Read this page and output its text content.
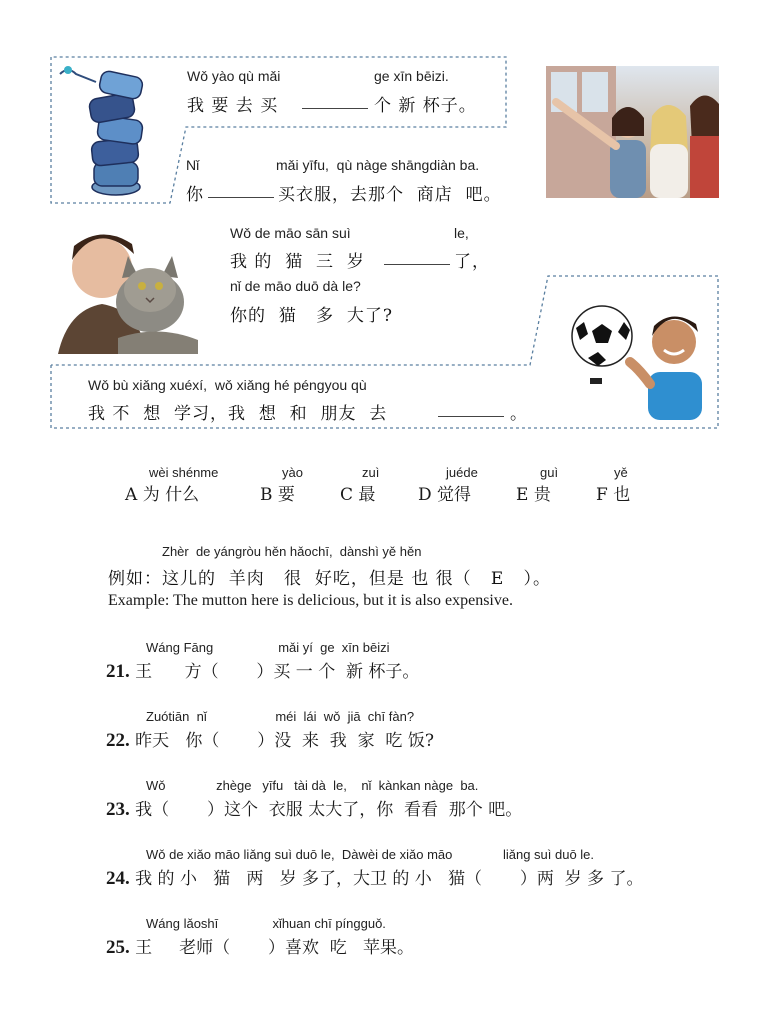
Wǒ yào qù mǎi	ge xīn bēizi.
我 要 去 买	个 新 杯子。
Nǐ	mǎi yīfu,  qù nàge shāngdiàn ba.
你	买衣服，去那个  商店  吧。
Wǒ de māo sān suì	le,
我 的  猫  三  岁	了，
nǐ de māo duō dà le?
你的  猫   多  大了?
Wǒ bù xiǎng xuéxí,  wǒ xiǎng hé péngyou qù
我 不  想  学习，我  想  和  朋友  去	。
wèi shénme
A 为 什么
yào
B 要
zuì
C 最
juéde
D 觉得
guì
E 贵
yě
F 也
Zhèr  de yángròu hěn hǎochī,  dànshì yě hěn
例如：这儿的  羊肉   很  好吃，但是 也 很（   E   ）。
Example: The mutton here is delicious, but it is also expensive.
Wáng Fāng                  mǎi yí  ge  xīn bēizi
21. 王      方（       ）买 一 个  新 杯子。
Zuótiān  nǐ                   méi  lái  wǒ  jiā  chī fàn?
22. 昨天   你（       ）没  来  我  家  吃 饭?
Wǒ              zhège   yīfu   tài dà  le,    nǐ  kànkan nàge  ba.
23. 我（       ）这个  衣服 太大了，你  看看  那个 吧。
Wǒ de xiǎo māo liǎng suì duō le,  Dàwèi de xiǎo māo              liǎng suì duō le.
24. 我 的 小   猫   两   岁 多了，大卫 的 小   猫（       ）两  岁 多 了。
Wáng lǎoshī               xǐhuan chī píngguǒ.
25. 王     老师（       ）喜欢  吃   苹果。
